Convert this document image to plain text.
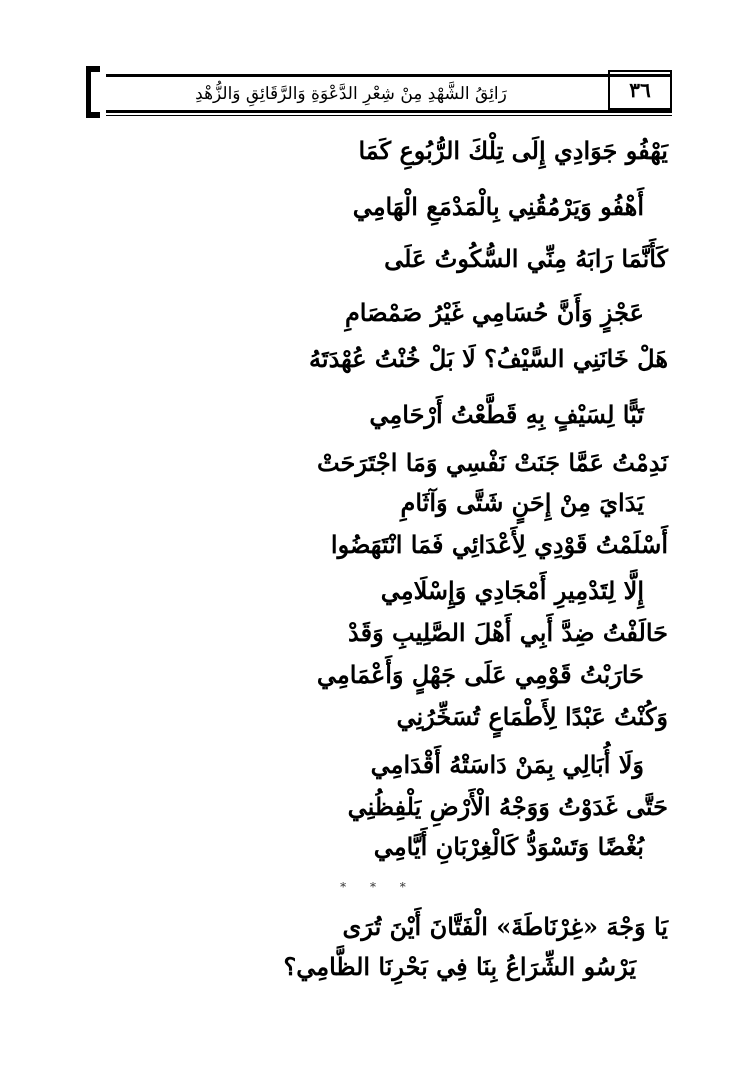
رَائِقُ الشَّهْدِ مِنْ شِعْرِ الدَّعْوَةِ وَالرَّقَائِقِ وَالزُّهْدِ	٣٦
يَهْفُو جَوَادِي إِلَى تِلْكَ الرُّبُوعِ كَمَا
أَهْفُو وَيَرْمُقُنِي بِالْمَدْمَعِ الْهَامِي
كَأَنَّمَا رَابَهُ مِنِّي السُّكُوتُ عَلَى
عَجْزٍ وَأَنَّ حُسَامِي غَيْرُ صَمْصَامِ
هَلْ خَانَنِي السَّيْفُ؟ لَا بَلْ خُنْتُ عُهْدَتَهُ
تَبًّا لِسَيْفٍ بِهِ قَطَّعْتُ أَرْحَامِي
نَدِمْتُ عَمَّا جَنَتْ نَفْسِي وَمَا اجْتَرَحَتْ
يَدَايَ مِنْ إِحَنٍ شَتَّى وَآثَامِ
أَسْلَمْتُ قَوْدِي لِأَعْدَائِي فَمَا انْتَهَضُوا
إِلَّا لِتَدْمِيرِ أَمْجَادِي وَإِسْلَامِي
حَالَفْتُ ضِدَّ أَبِي أَهْلَ الصَّلِيبِ وَقَدْ
حَارَبْتُ قَوْمِي عَلَى جَهْلٍ وَأَعْمَامِي
وَكُنْتُ عَبْدًا لِأَطْمَاعٍ تُسَخِّرُنِي
وَلَا أُبَالِي بِمَنْ دَاسَتْهُ أَقْدَامِي
حَتَّى غَدَوْتُ وَوَجْهُ الْأَرْضِ يَلْفِظُنِي
بُغْضًا وَتَسْوَدُّ كَالْغِرْبَانِ أَيَّامِي
* * *
يَا وَجْهَ «غِرْنَاطَةَ» الْفَتَّانَ أَيْنَ تُرَى
يَرْسُو الشِّرَاعُ بِنَا فِي بَحْرِنَا الظَّامِي؟
